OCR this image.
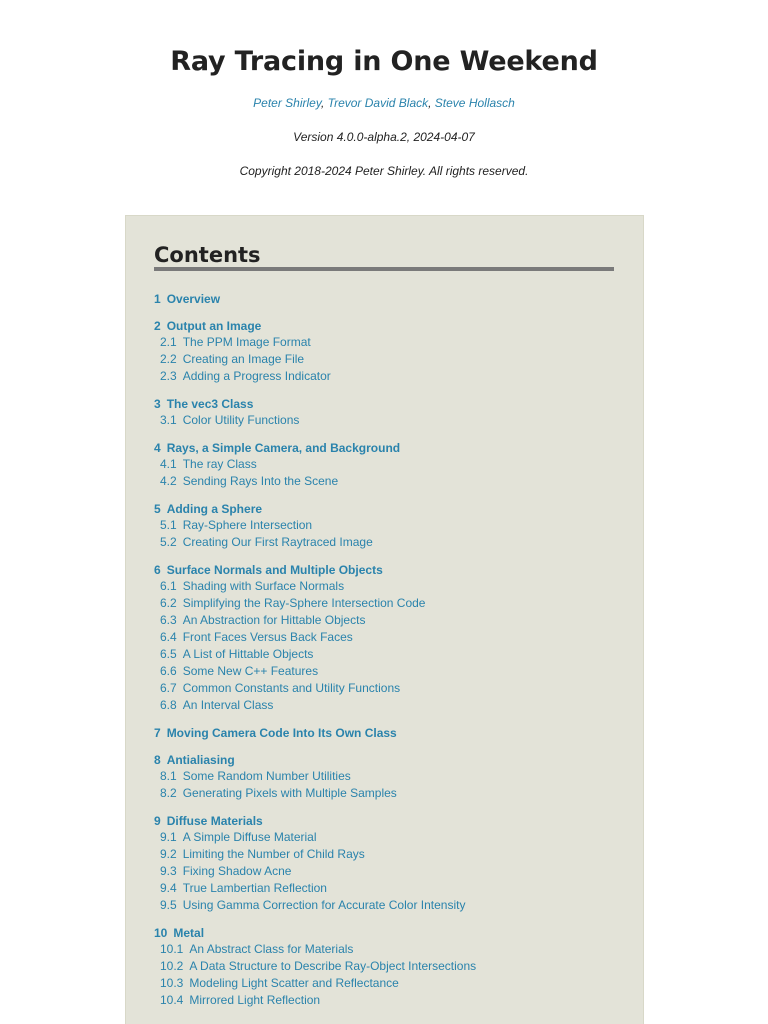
Ray Tracing in One Weekend
Peter Shirley, Trevor David Black, Steve Hollasch
Version 4.0.0-alpha.2, 2024-04-07
Copyright 2018-2024 Peter Shirley. All rights reserved.
Contents
1 Overview
2 Output an Image
2.1 The PPM Image Format
2.2 Creating an Image File
2.3 Adding a Progress Indicator
3 The vec3 Class
3.1 Color Utility Functions
4 Rays, a Simple Camera, and Background
4.1 The ray Class
4.2 Sending Rays Into the Scene
5 Adding a Sphere
5.1 Ray-Sphere Intersection
5.2 Creating Our First Raytraced Image
6 Surface Normals and Multiple Objects
6.1 Shading with Surface Normals
6.2 Simplifying the Ray-Sphere Intersection Code
6.3 An Abstraction for Hittable Objects
6.4 Front Faces Versus Back Faces
6.5 A List of Hittable Objects
6.6 Some New C++ Features
6.7 Common Constants and Utility Functions
6.8 An Interval Class
7 Moving Camera Code Into Its Own Class
8 Antialiasing
8.1 Some Random Number Utilities
8.2 Generating Pixels with Multiple Samples
9 Diffuse Materials
9.1 A Simple Diffuse Material
9.2 Limiting the Number of Child Rays
9.3 Fixing Shadow Acne
9.4 True Lambertian Reflection
9.5 Using Gamma Correction for Accurate Color Intensity
10 Metal
10.1 An Abstract Class for Materials
10.2 A Data Structure to Describe Ray-Object Intersections
10.3 Modeling Light Scatter and Reflectance
10.4 Mirrored Light Reflection
